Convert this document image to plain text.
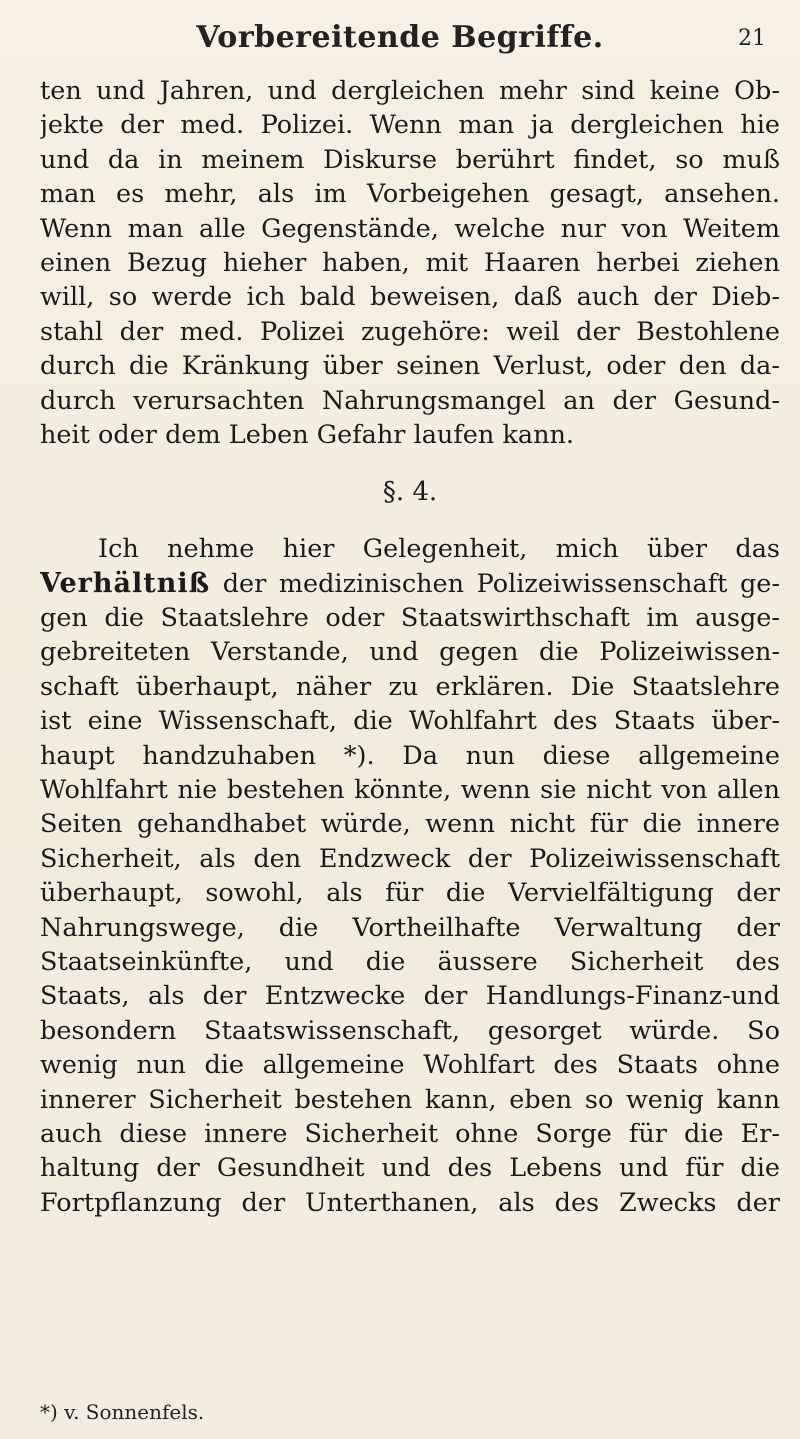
Vorbereitende Begriffe.	21
ten und Jahren, und dergleichen mehr sind keine Ob-
jekte der med. Polizei. Wenn man ja dergleichen hie
und da in meinem Diskurse berührt findet, so muß
man es mehr, als im Vorbeigehen gesagt, ansehen.
Wenn man alle Gegenstände, welche nur von Weitem
einen Bezug hieher haben, mit Haaren herbei ziehen
will, so werde ich bald beweisen, daß auch der Dieb-
stahl der med. Polizei zugehöre: weil der Bestohlene
durch die Kränkung über seinen Verlust, oder den da-
durch verursachten Nahrungsmangel an der Gesund-
heit oder dem Leben Gefahr laufen kann.
§. 4.
Ich nehme hier Gelegenheit, mich über das
Verhältniß der medizinischen Polizeiwissenschaft ge-
gen die Staatslehre oder Staatswirthschaft im ausge-
gebreiteten Verstande, und gegen die Polizeiwissen-
schaft überhaupt, näher zu erklären. Die Staatslehre
ist eine Wissenschaft, die Wohlfahrt des Staats über-
haupt handzuhaben *). Da nun diese allgemeine
Wohlfahrt nie bestehen könnte, wenn sie nicht von allen
Seiten gehandhabet würde, wenn nicht für die innere
Sicherheit, als den Endzweck der Polizeiwissenschaft
überhaupt, sowohl, als für die Vervielfältigung der
Nahrungswege, die Vortheilhafte Verwaltung der
Staatseinkünfte, und die äussere Sicherheit des
Staats, als der Entzwecke der Handlungs-Finanz-und
besondern Staatswissenschaft, gesorget würde. So
wenig nun die allgemeine Wohlfart des Staats ohne
innerer Sicherheit bestehen kann, eben so wenig kann
auch diese innere Sicherheit ohne Sorge für die Er-
haltung der Gesundheit und des Lebens und für die
Fortpflanzung der Unterthanen, als des Zwecks der
*) v. Sonnenfels.
